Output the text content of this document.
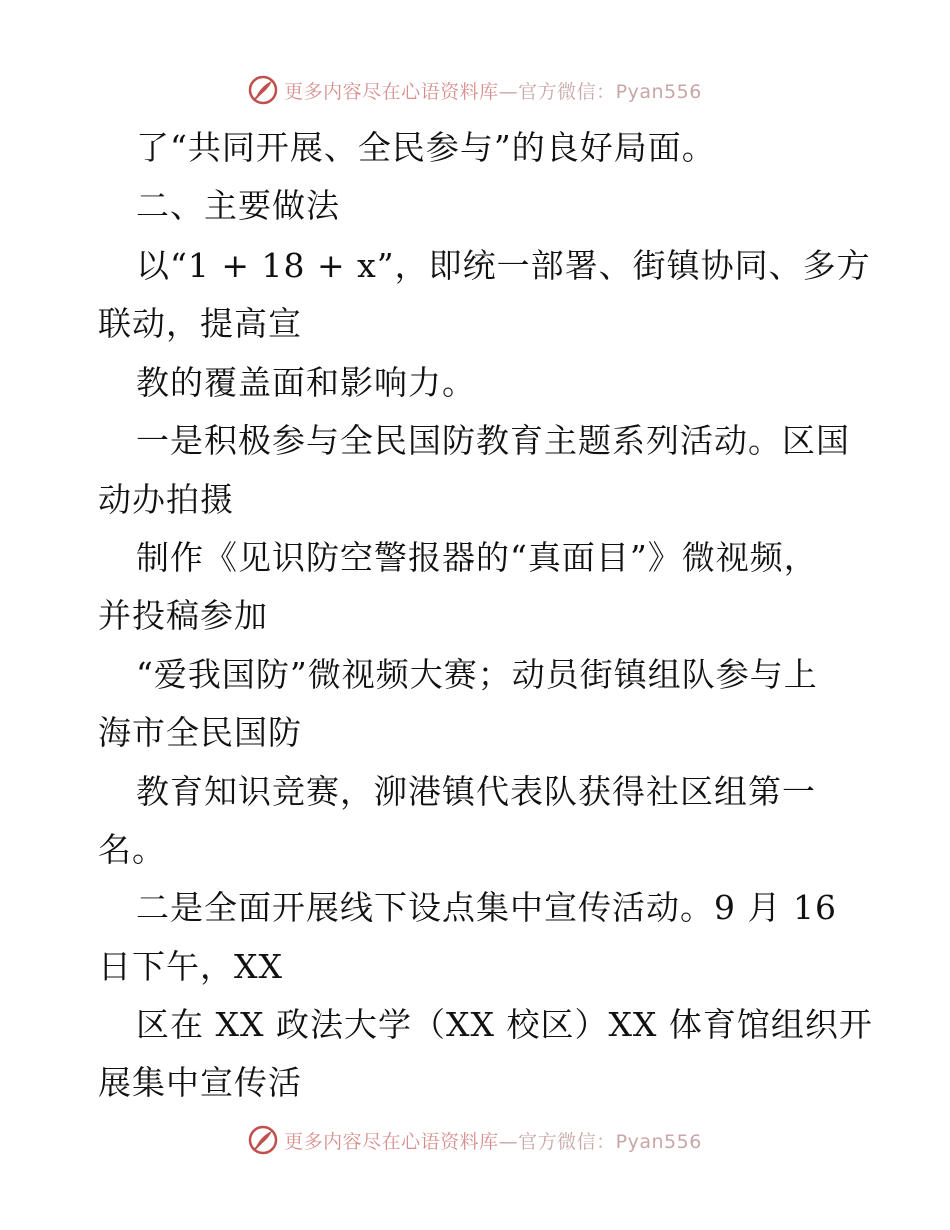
更多内容尽在心语资料库—官方微信：Pyan556
了“共同开展、全民参与”的良好局面。
二、主要做法
以“1 + 18 + x”，即统一部署、街镇协同、多方
联动，提高宣
教的覆盖面和影响力。
一是积极参与全民国防教育主题系列活动。区国
动办拍摄
制作《见识防空警报器的“真面目”》微视频，
并投稿参加
“爱我国防”微视频大赛；动员街镇组队参与上
海市全民国防
教育知识竞赛，泖港镇代表队获得社区组第一
名。
二是全面开展线下设点集中宣传活动。9 月 16
日下午，XX
区在 XX 政法大学（XX 校区）XX 体育馆组织开
展集中宣传活
更多内容尽在心语资料库—官方微信：Pyan556
